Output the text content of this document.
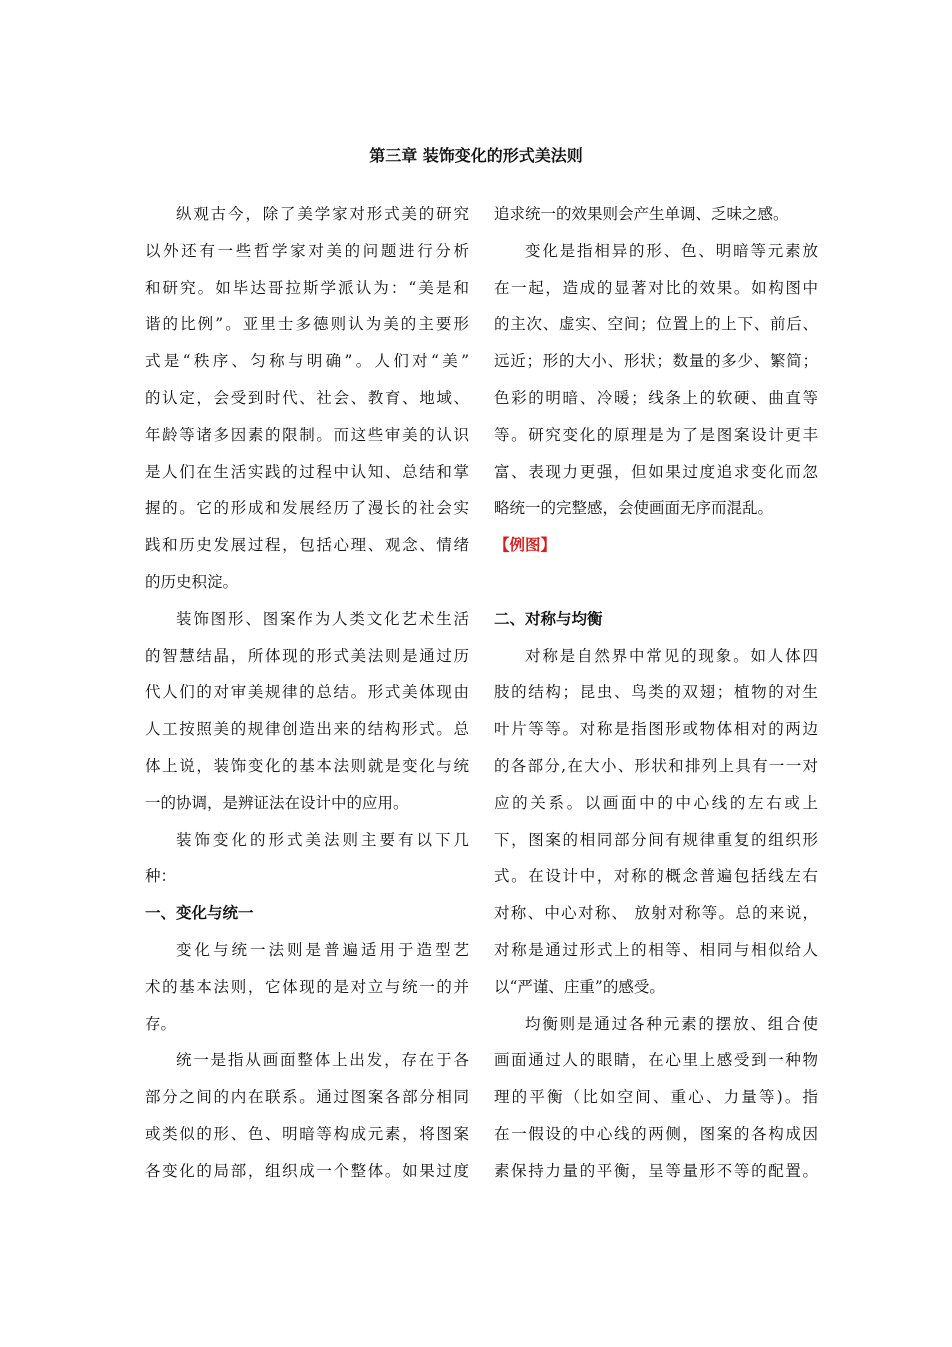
第三章 装饰变化的形式美法则
纵观古今，除了美学家对形式美的研究
以外还有一些哲学家对美的问题进行分析
和研究。如毕达哥拉斯学派认为：“美是和
谐的比例”。亚里士多德则认为美的主要形
式是“秩序、匀称与明确”。人们对“美”
的认定，会受到时代、社会、教育、地域、
年龄等诸多因素的限制。而这些审美的认识
是人们在生活实践的过程中认知、总结和掌
握的。它的形成和发展经历了漫长的社会实
践和历史发展过程，包括心理、观念、情绪
的历史积淀。
装饰图形、图案作为人类文化艺术生活
的智慧结晶，所体现的形式美法则是通过历
代人们的对审美规律的总结。形式美体现由
人工按照美的规律创造出来的结构形式。总
体上说，装饰变化的基本法则就是变化与统
一的协调，是辨证法在设计中的应用。
装饰变化的形式美法则主要有以下几
种：
一、变化与统一
变化与统一法则是普遍适用于造型艺
术的基本法则，它体现的是对立与统一的并
存。
统一是指从画面整体上出发，存在于各
部分之间的内在联系。通过图案各部分相同
或类似的形、色、明暗等构成元素，将图案
各变化的局部，组织成一个整体。如果过度
追求统一的效果则会产生单调、乏味之感。
变化是指相异的形、色、明暗等元素放
在一起，造成的显著对比的效果。如构图中
的主次、虚实、空间；位置上的上下、前后、
远近；形的大小、形状；数量的多少、繁简；
色彩的明暗、冷暖；线条上的软硬、曲直等
等。研究变化的原理是为了是图案设计更丰
富、表现力更强，但如果过度追求变化而忽
略统一的完整感，会使画面无序而混乱。
【例图】
二、对称与均衡
对称是自然界中常见的现象。如人体四
肢的结构；昆虫、鸟类的双翅；植物的对生
叶片等等。对称是指图形或物体相对的两边
的各部分,在大小、形状和排列上具有一一对
应的关系。以画面中的中心线的左右或上
下，图案的相同部分间有规律重复的组织形
式。在设计中，对称的概念普遍包括线左右
对称、中心对称、 放射对称等。总的来说，
对称是通过形式上的相等、相同与相似给人
以“严谨、庄重”的感受。
均衡则是通过各种元素的摆放、组合使
画面通过人的眼睛，在心里上感受到一种物
理的平衡（比如空间、重心、力量等)。指
在一假设的中心线的两侧，图案的各构成因
素保持力量的平衡，呈等量形不等的配置。
